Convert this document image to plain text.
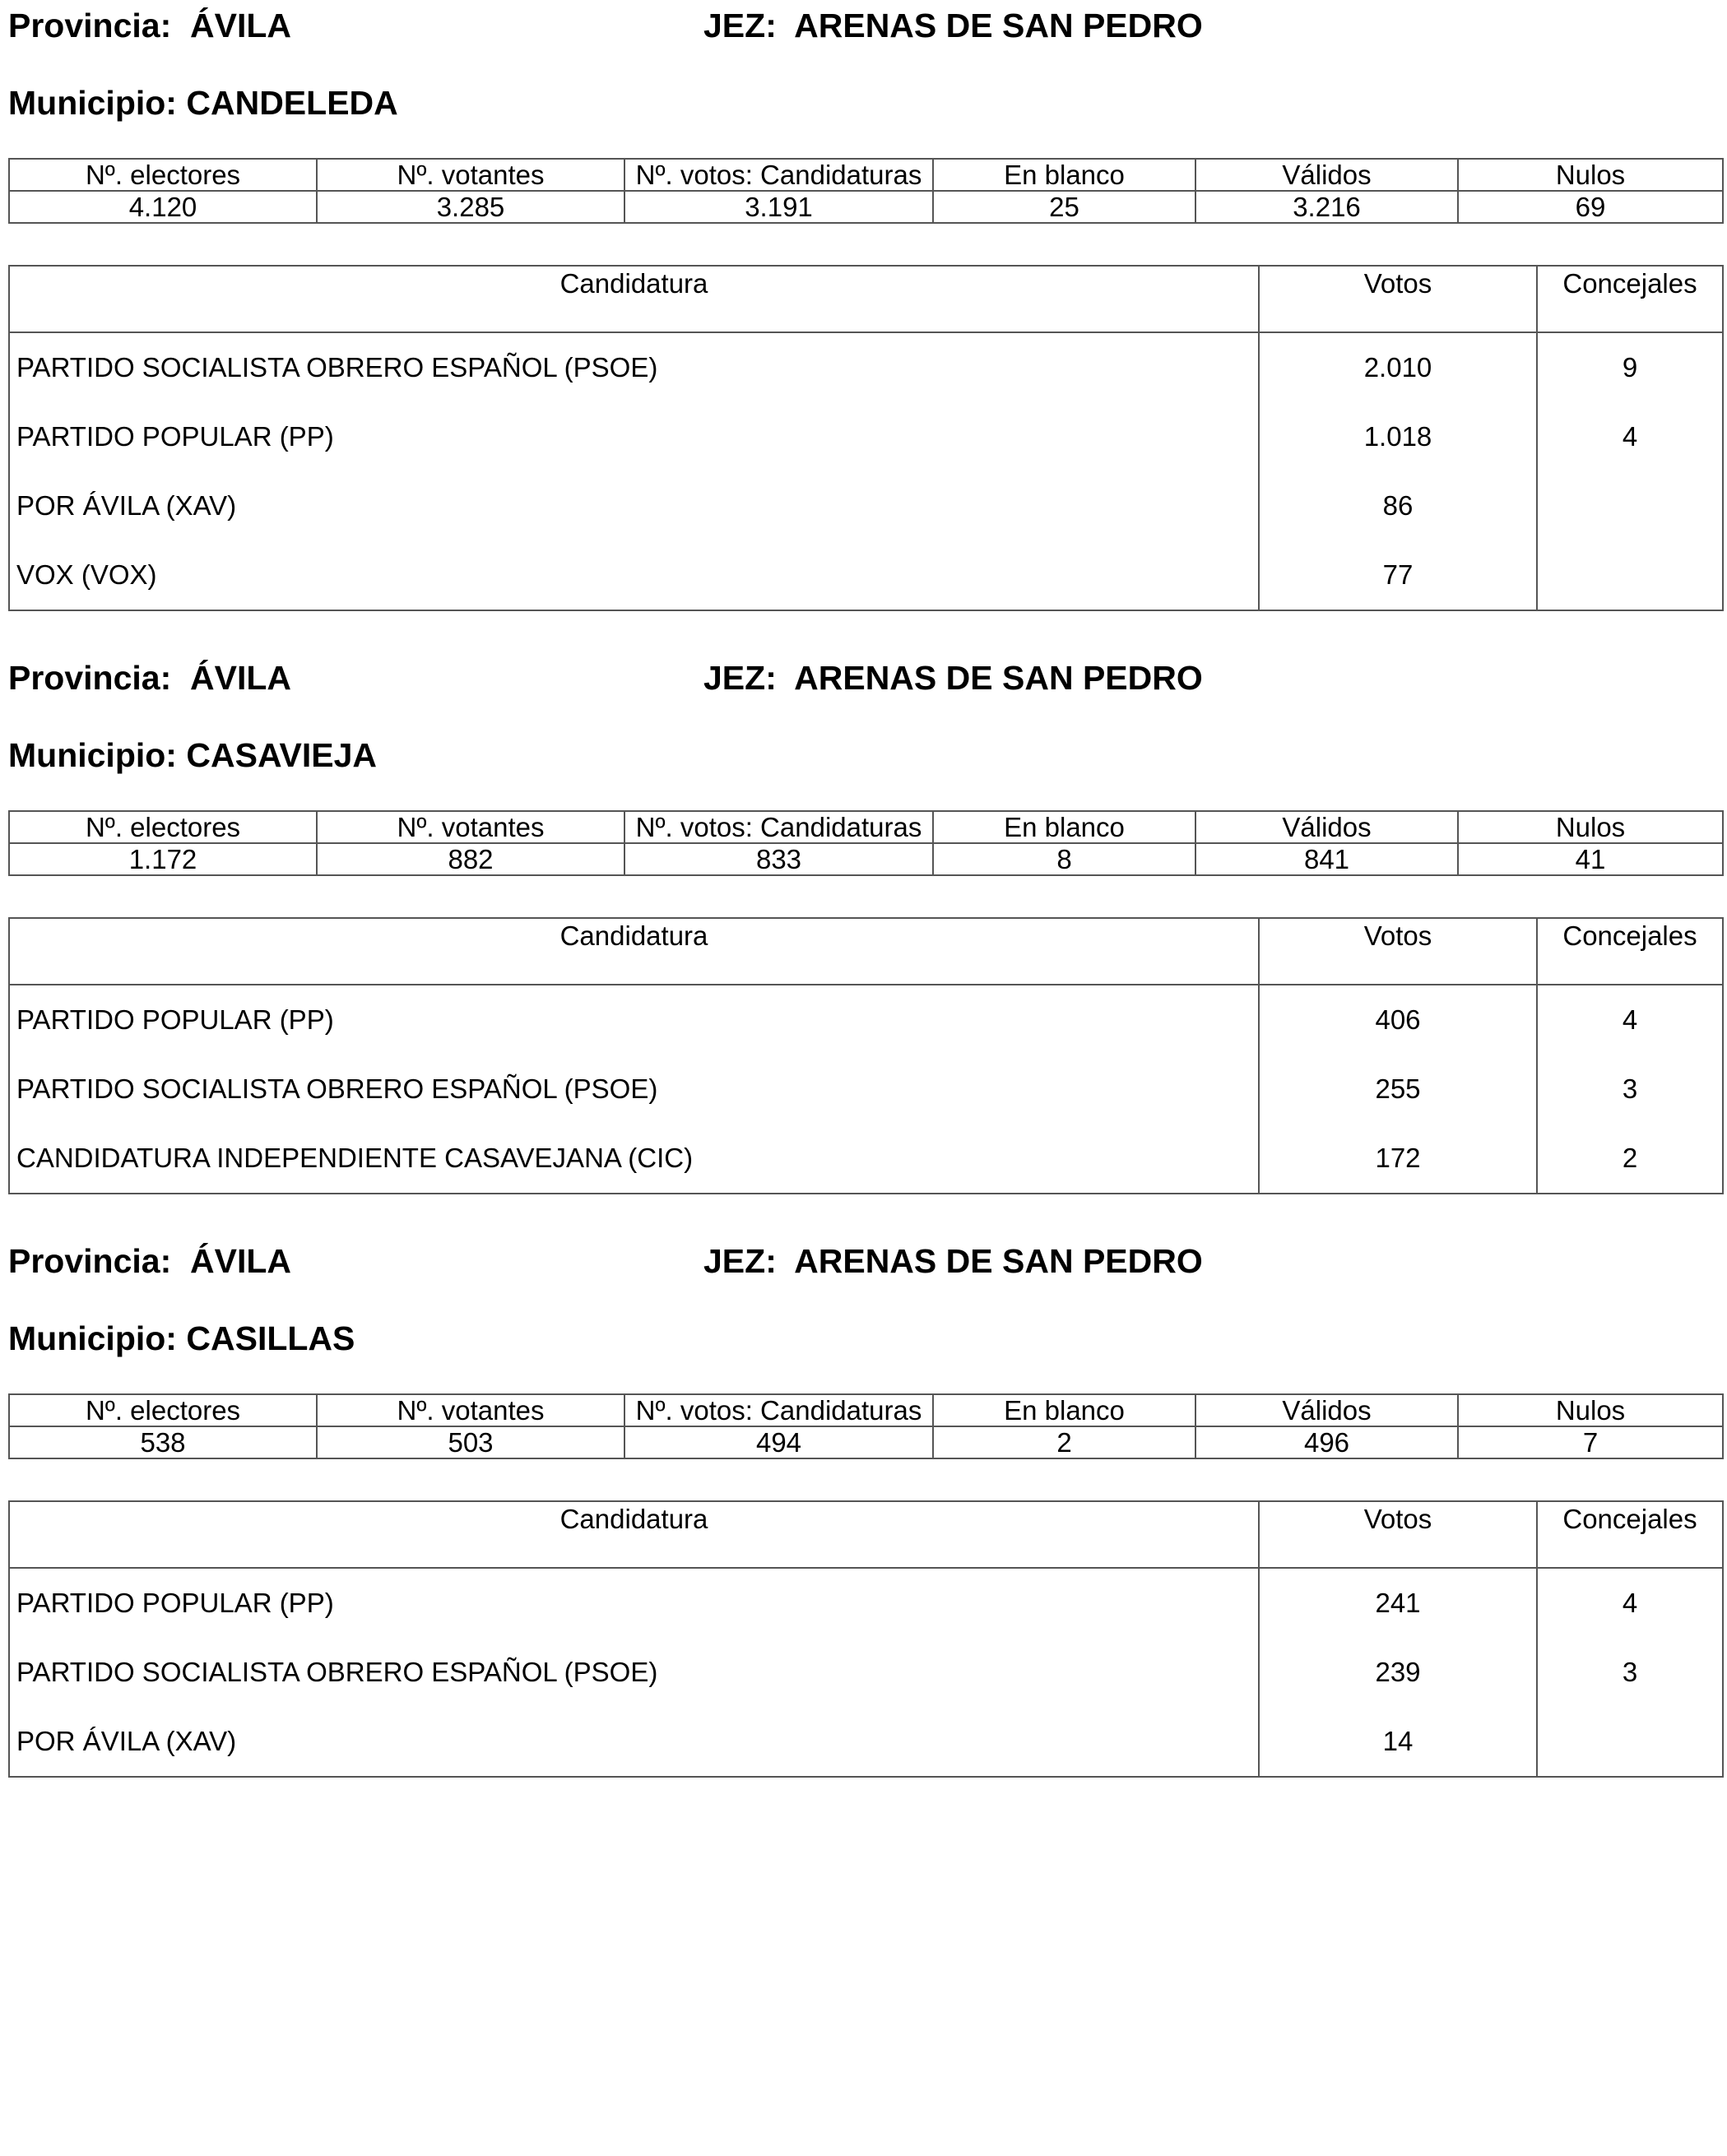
Provincia: ÁVILA	JEZ: ARENAS DE SAN PEDRO
Municipio: CANDELEDA
Nº. electores	Nº. votantes	Nº. votos: Candidaturas	En blanco	Válidos	Nulos
4.120	3.285	3.191	25	3.216	69
Candidatura	Votos	Concejales
PARTIDO SOCIALISTA OBRERO ESPAÑOL (PSOE)	2.010	9
PARTIDO POPULAR (PP)	1.018	4
POR ÁVILA (XAV)	86	
VOX (VOX)	77	
Provincia: ÁVILA	JEZ: ARENAS DE SAN PEDRO
Municipio: CASAVIEJA
Nº. electores	Nº. votantes	Nº. votos: Candidaturas	En blanco	Válidos	Nulos
1.172	882	833	8	841	41
Candidatura	Votos	Concejales
PARTIDO POPULAR (PP)	406	4
PARTIDO SOCIALISTA OBRERO ESPAÑOL (PSOE)	255	3
CANDIDATURA INDEPENDIENTE CASAVEJANA (CIC)	172	2
Provincia: ÁVILA	JEZ: ARENAS DE SAN PEDRO
Municipio: CASILLAS
Nº. electores	Nº. votantes	Nº. votos: Candidaturas	En blanco	Válidos	Nulos
538	503	494	2	496	7
Candidatura	Votos	Concejales
PARTIDO POPULAR (PP)	241	4
PARTIDO SOCIALISTA OBRERO ESPAÑOL (PSOE)	239	3
POR ÁVILA (XAV)	14	
